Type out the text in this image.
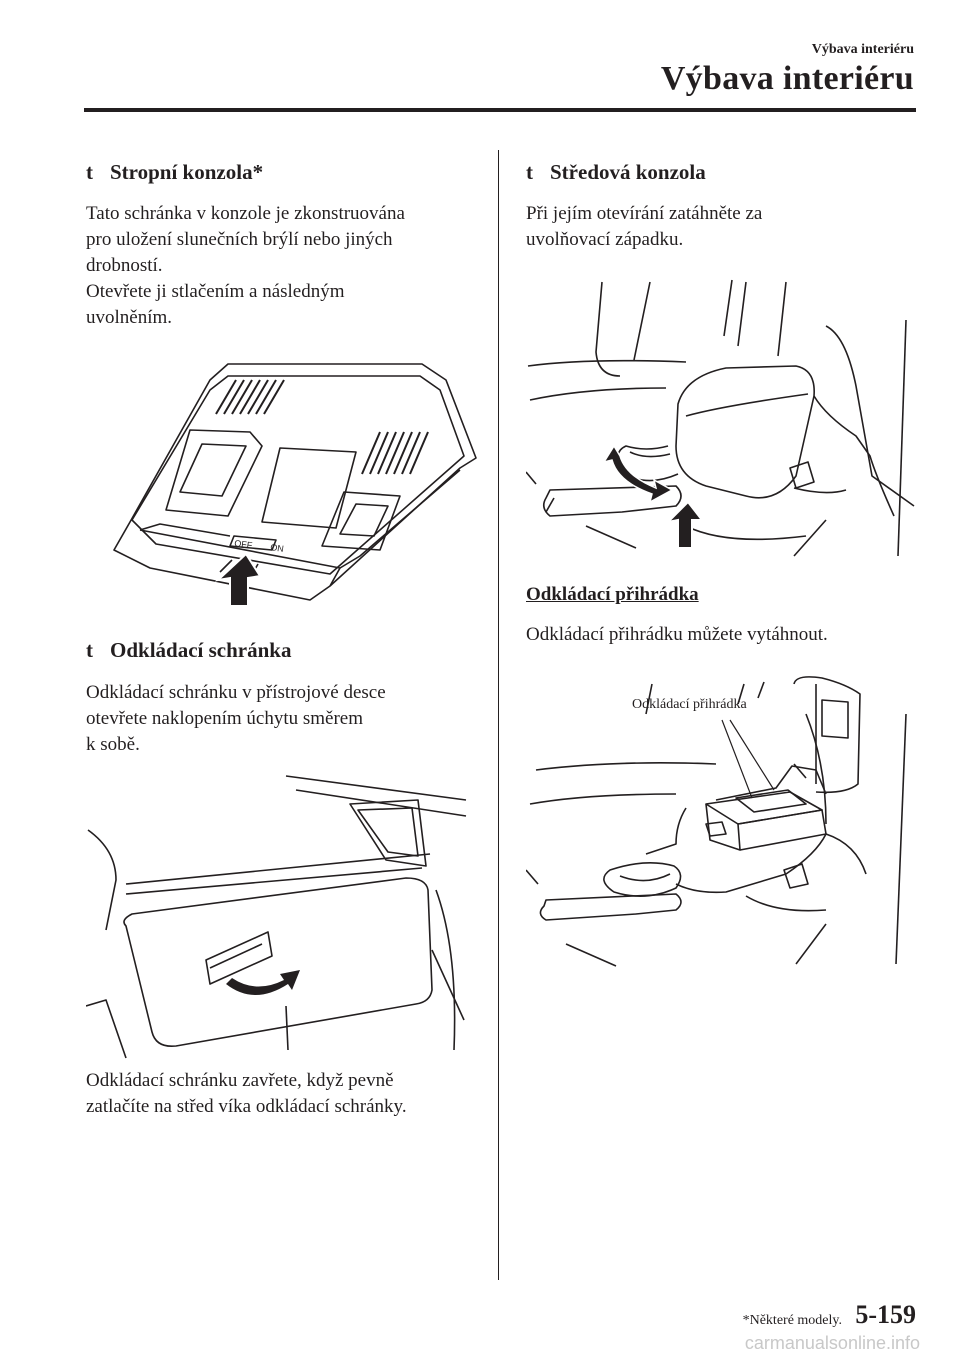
Výbava interiéru
Výbava interiéru
t Stropní konzola*

Tato schránka v konzole je zkonstruována

pro uložení slunečních brýlí nebo jiných

drobností.

Otevřete ji stlačením a následným

uvolněním.

OFF ON
t Odkládací schránka

Odkládací schránku v přístrojové desce

otevřete naklopením úchytu směrem

k sobě.

Odkládací schránku zavřete, když pevně

zatlačíte na střed víka odkládací schránky.

t Středová konzola

Při jejím otevírání zatáhněte za

uvolňovací západku.

Odkládací přihrádka

Odkládací přihrádku můžete vytáhnout.

Odkládací přihrádka
*Některé modely. 5-159
carmanualsonline.info
